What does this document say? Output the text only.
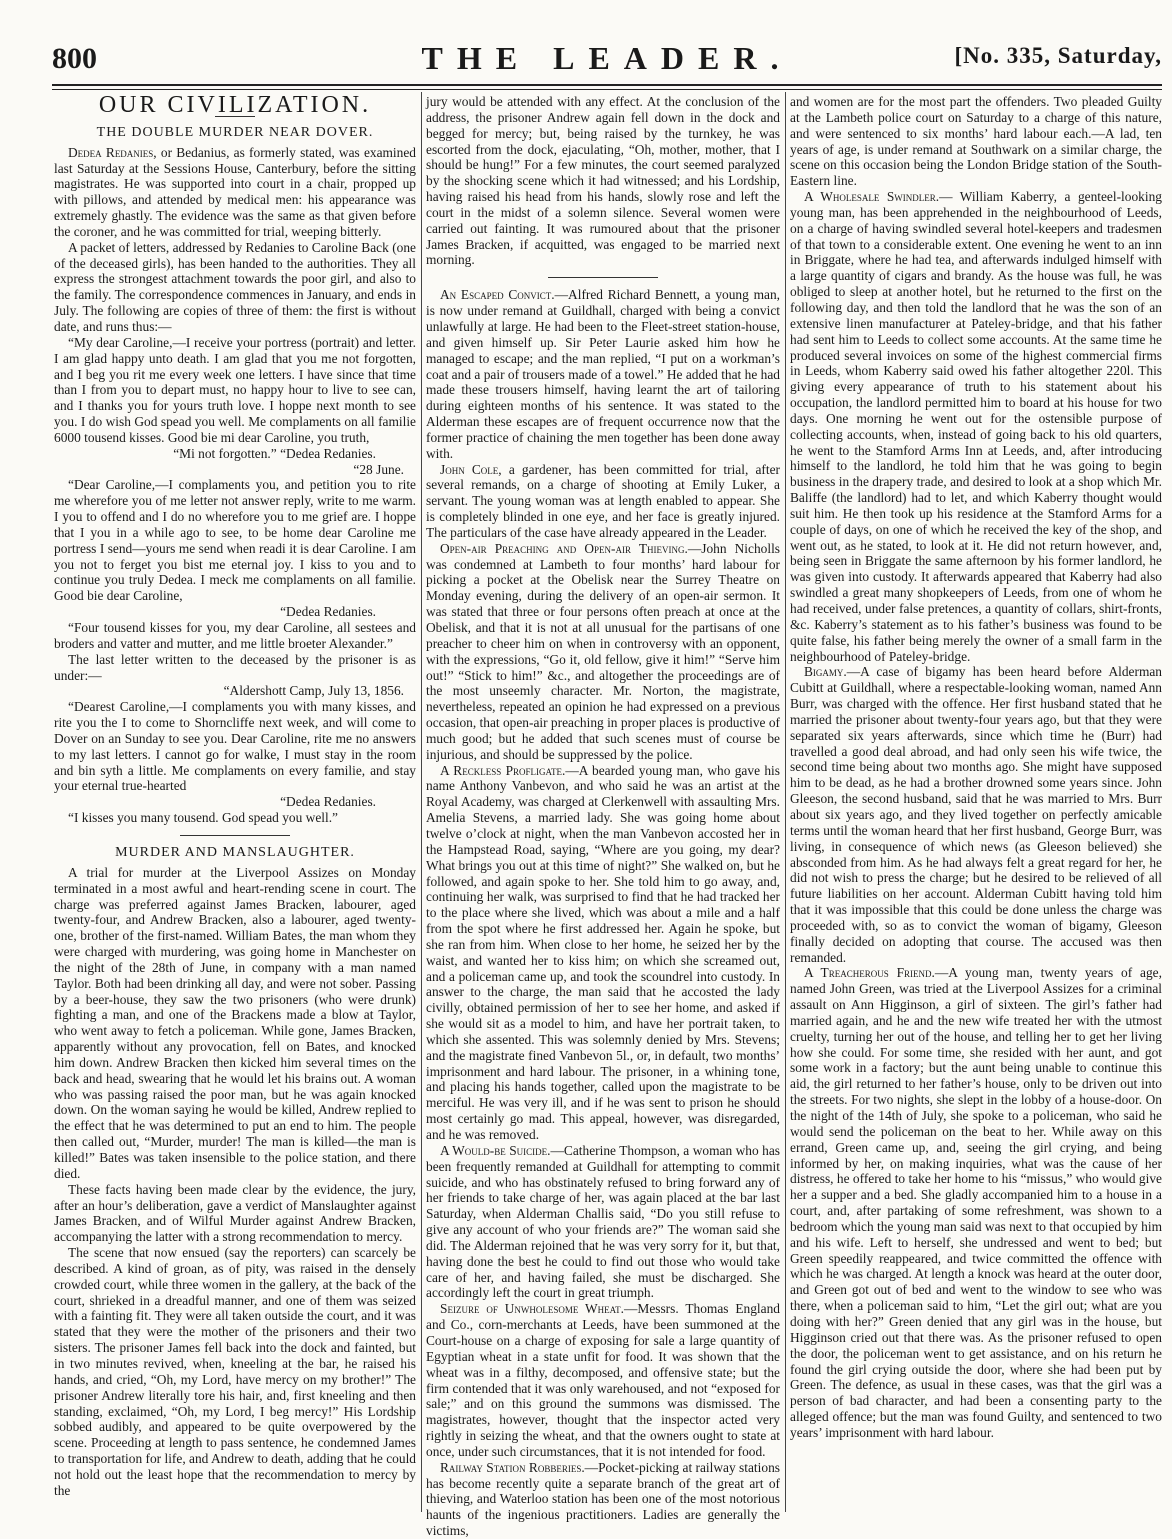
800	THE LEADER.	[No. 335, Saturday,
OUR CIVILIZATION.
THE DOUBLE MURDER NEAR DOVER.

Dedea Redanies, or Bedanius, as formerly stated, was examined last Saturday at the Sessions House, Canterbury, before the sitting magistrates. He was supported into court in a chair, propped up with pillows, and attended by medical men: his appearance was extremely ghastly. The evidence was the same as that given before the coroner, and he was committed for trial, weeping bitterly.

A packet of letters, addressed by Redanies to Caroline Back (one of the deceased girls), has been handed to the authorities. They all express the strongest attachment towards the poor girl, and also to the family. The correspondence commences in January, and ends in July. The following are copies of three of them: the first is without date, and runs thus:—

“My dear Caroline,—I receive your portress (portrait) and letter. I am glad happy unto death. I am glad that you me not forgotten, and I beg you rit me every week one letters. I have since that time than I from you to depart must, no happy hour to live to see can, and I thanks you for yours truth love. I hoppe next month to see you. I do wish God spead you well. Me complaments on all familie 6000 tousend kisses. Good bie mi dear Caroline, you truth,

“Mi not forgotten.” “Dedea Redanies.

“28 June.

“Dear Caroline,—I complaments you, and petition you to rite me wherefore you of me letter not answer reply, write to me warm. I you to offend and I do no wherefore you to me grief are. I hoppe that I you in a while ago to see, to be home dear Caroline me portress I send—yours me send when readi it is dear Caroline. I am you not to ferget you bist me eternal joy. I kiss to you and to continue you truly Dedea. I meck me complaments on all familie. Good bie dear Caroline,

“Dedea Redanies.

“Four tousend kisses for you, my dear Caroline, all sestees and broders and vatter and mutter, and me little broeter Alexander.”

The last letter written to the deceased by the prisoner is as under:—

“Aldershott Camp, July 13, 1856.

“Dearest Caroline,—I complaments you with many kisses, and rite you the I to come to Shorncliffe next week, and will come to Dover on an Sunday to see you. Dear Caroline, rite me no answers to my last letters. I cannot go for walke, I must stay in the room and bin syth a little. Me complaments on every familie, and stay your eternal true-hearted

“Dedea Redanies.

“I kisses you many tousend. God spead you well.”

MURDER AND MANSLAUGHTER.

A trial for murder at the Liverpool Assizes on Monday terminated in a most awful and heart-rending scene in court. The charge was preferred against James Bracken, labourer, aged twenty-four, and Andrew Bracken, also a labourer, aged twenty-one, brother of the first-named. William Bates, the man whom they were charged with murdering, was going home in Manchester on the night of the 28th of June, in company with a man named Taylor. Both had been drinking all day, and were not sober. Passing by a beer-house, they saw the two prisoners (who were drunk) fighting a man, and one of the Brackens made a blow at Taylor, who went away to fetch a policeman. While gone, James Bracken, apparently without any provocation, fell on Bates, and knocked him down. Andrew Bracken then kicked him several times on the back and head, swearing that he would let his brains out. A woman who was passing raised the poor man, but he was again knocked down. On the woman saying he would be killed, Andrew replied to the effect that he was determined to put an end to him. The people then called out, “Murder, murder! The man is killed—the man is killed!” Bates was taken insensible to the police station, and there died.

These facts having been made clear by the evidence, the jury, after an hour’s deliberation, gave a verdict of Manslaughter against James Bracken, and of Wilful Murder against Andrew Bracken, accompanying the latter with a strong recommendation to mercy.

The scene that now ensued (say the reporters) can scarcely be described. A kind of groan, as of pity, was raised in the densely crowded court, while three women in the gallery, at the back of the court, shrieked in a dreadful manner, and one of them was seized with a fainting fit. They were all taken outside the court, and it was stated that they were the mother of the prisoners and their two sisters. The prisoner James fell back into the dock and fainted, but in two minutes revived, when, kneeling at the bar, he raised his hands, and cried, “Oh, my Lord, have mercy on my brother!” The prisoner Andrew literally tore his hair, and, first kneeling and then standing, exclaimed, “Oh, my Lord, I beg mercy!” His Lordship sobbed audibly, and appeared to be quite overpowered by the scene. Proceeding at length to pass sentence, he condemned James to transportation for life, and Andrew to death, adding that he could not hold out the least hope that the recommendation to mercy by the

jury would be attended with any effect. At the conclusion of the address, the prisoner Andrew again fell down in the dock and begged for mercy; but, being raised by the turnkey, he was escorted from the dock, ejaculating, “Oh, mother, mother, that I should be hung!” For a few minutes, the court seemed paralyzed by the shocking scene which it had witnessed; and his Lordship, having raised his head from his hands, slowly rose and left the court in the midst of a solemn silence. Several women were carried out fainting. It was rumoured about that the prisoner James Bracken, if acquitted, was engaged to be married next morning.

An Escaped Convict.—Alfred Richard Bennett, a young man, is now under remand at Guildhall, charged with being a convict unlawfully at large. He had been to the Fleet-street station-house, and given himself up. Sir Peter Laurie asked him how he managed to escape; and the man replied, “I put on a workman’s coat and a pair of trousers made of a towel.” He added that he had made these trousers himself, having learnt the art of tailoring during eighteen months of his sentence. It was stated to the Alderman these escapes are of frequent occurrence now that the former practice of chaining the men together has been done away with.

John Cole, a gardener, has been committed for trial, after several remands, on a charge of shooting at Emily Luker, a servant. The young woman was at length enabled to appear. She is completely blinded in one eye, and her face is greatly injured. The particulars of the case have already appeared in the Leader.

Open-air Preaching and Open-air Thieving.—John Nicholls was condemned at Lambeth to four months’ hard labour for picking a pocket at the Obelisk near the Surrey Theatre on Monday evening, during the delivery of an open-air sermon. It was stated that three or four persons often preach at once at the Obelisk, and that it is not at all unusual for the partisans of one preacher to cheer him on when in controversy with an opponent, with the expressions, “Go it, old fellow, give it him!” “Serve him out!” “Stick to him!” &c., and altogether the proceedings are of the most unseemly character. Mr. Norton, the magistrate, nevertheless, repeated an opinion he had expressed on a previous occasion, that open-air preaching in proper places is productive of much good; but he added that such scenes must of course be injurious, and should be suppressed by the police.

A Reckless Profligate.—A bearded young man, who gave his name Anthony Vanbevon, and who said he was an artist at the Royal Academy, was charged at Clerkenwell with assaulting Mrs. Amelia Stevens, a married lady. She was going home about twelve o’clock at night, when the man Vanbevon accosted her in the Hampstead Road, saying, “Where are you going, my dear? What brings you out at this time of night?” She walked on, but he followed, and again spoke to her. She told him to go away, and, continuing her walk, was surprised to find that he had tracked her to the place where she lived, which was about a mile and a half from the spot where he first addressed her. Again he spoke, but she ran from him. When close to her home, he seized her by the waist, and wanted her to kiss him; on which she screamed out, and a policeman came up, and took the scoundrel into custody. In answer to the charge, the man said that he accosted the lady civilly, obtained permission of her to see her home, and asked if she would sit as a model to him, and have her portrait taken, to which she assented. This was solemnly denied by Mrs. Stevens; and the magistrate fined Vanbevon 5l., or, in default, two months’ imprisonment and hard labour. The prisoner, in a whining tone, and placing his hands together, called upon the magistrate to be merciful. He was very ill, and if he was sent to prison he should most certainly go mad. This appeal, however, was disregarded, and he was removed.

A Would-be Suicide.—Catherine Thompson, a woman who has been frequently remanded at Guildhall for attempting to commit suicide, and who has obstinately refused to bring forward any of her friends to take charge of her, was again placed at the bar last Saturday, when Alderman Challis said, “Do you still refuse to give any account of who your friends are?” The woman said she did. The Alderman rejoined that he was very sorry for it, but that, having done the best he could to find out those who would take care of her, and having failed, she must be discharged. She accordingly left the court in great triumph.

Seizure of Unwholesome Wheat.—Messrs. Thomas England and Co., corn-merchants at Leeds, have been summoned at the Court-house on a charge of exposing for sale a large quantity of Egyptian wheat in a state unfit for food. It was shown that the wheat was in a filthy, decomposed, and offensive state; but the firm contended that it was only warehoused, and not “exposed for sale;” and on this ground the summons was dismissed. The magistrates, however, thought that the inspector acted very rightly in seizing the wheat, and that the owners ought to state at once, under such circumstances, that it is not intended for food.

Railway Station Robberies.—Pocket-picking at railway stations has become recently quite a separate branch of the great art of thieving, and Waterloo station has been one of the most notorious haunts of the ingenious practitioners. Ladies are generally the victims,

and women are for the most part the offenders. Two pleaded Guilty at the Lambeth police court on Saturday to a charge of this nature, and were sentenced to six months’ hard labour each.—A lad, ten years of age, is under remand at Southwark on a similar charge, the scene on this occasion being the London Bridge station of the South-Eastern line.

A Wholesale Swindler.— William Kaberry, a genteel-looking young man, has been apprehended in the neighbourhood of Leeds, on a charge of having swindled several hotel-keepers and tradesmen of that town to a considerable extent. One evening he went to an inn in Briggate, where he had tea, and afterwards indulged himself with a large quantity of cigars and brandy. As the house was full, he was obliged to sleep at another hotel, but he returned to the first on the following day, and then told the landlord that he was the son of an extensive linen manufacturer at Pateley-bridge, and that his father had sent him to Leeds to collect some accounts. At the same time he produced several invoices on some of the highest commercial firms in Leeds, whom Kaberry said owed his father altogether 220l. This giving every appearance of truth to his statement about his occupation, the landlord permitted him to board at his house for two days. One morning he went out for the ostensible purpose of collecting accounts, when, instead of going back to his old quarters, he went to the Stamford Arms Inn at Leeds, and, after introducing himself to the landlord, he told him that he was going to begin business in the drapery trade, and desired to look at a shop which Mr. Baliffe (the landlord) had to let, and which Kaberry thought would suit him. He then took up his residence at the Stamford Arms for a couple of days, on one of which he received the key of the shop, and went out, as he stated, to look at it. He did not return however, and, being seen in Briggate the same afternoon by his former landlord, he was given into custody. It afterwards appeared that Kaberry had also swindled a great many shopkeepers of Leeds, from one of whom he had received, under false pretences, a quantity of collars, shirt-fronts, &c. Kaberry’s statement as to his father’s business was found to be quite false, his father being merely the owner of a small farm in the neighbourhood of Pateley-bridge.

Bigamy.—A case of bigamy has been heard before Alderman Cubitt at Guildhall, where a respectable-looking woman, named Ann Burr, was charged with the offence. Her first husband stated that he married the prisoner about twenty-four years ago, but that they were separated six years afterwards, since which time he (Burr) had travelled a good deal abroad, and had only seen his wife twice, the second time being about two months ago. She might have supposed him to be dead, as he had a brother drowned some years since. John Gleeson, the second husband, said that he was married to Mrs. Burr about six years ago, and they lived together on perfectly amicable terms until the woman heard that her first husband, George Burr, was living, in consequence of which news (as Gleeson believed) she absconded from him. As he had always felt a great regard for her, he did not wish to press the charge; but he desired to be relieved of all future liabilities on her account. Alderman Cubitt having told him that it was impossible that this could be done unless the charge was proceeded with, so as to convict the woman of bigamy, Gleeson finally decided on adopting that course. The accused was then remanded.

A Treacherous Friend.—A young man, twenty years of age, named John Green, was tried at the Liverpool Assizes for a criminal assault on Ann Higginson, a girl of sixteen. The girl’s father had married again, and he and the new wife treated her with the utmost cruelty, turning her out of the house, and telling her to get her living how she could. For some time, she resided with her aunt, and got some work in a factory; but the aunt being unable to continue this aid, the girl returned to her father’s house, only to be driven out into the streets. For two nights, she slept in the lobby of a house-door. On the night of the 14th of July, she spoke to a policeman, who said he would send the policeman on the beat to her. While away on this errand, Green came up, and, seeing the girl crying, and being informed by her, on making inquiries, what was the cause of her distress, he offered to take her home to his “missus,” who would give her a supper and a bed. She gladly accompanied him to a house in a court, and, after partaking of some refreshment, was shown to a bedroom which the young man said was next to that occupied by him and his wife. Left to herself, she undressed and went to bed; but Green speedily reappeared, and twice committed the offence with which he was charged. At length a knock was heard at the outer door, and Green got out of bed and went to the window to see who was there, when a policeman said to him, “Let the girl out; what are you doing with her?” Green denied that any girl was in the house, but Higginson cried out that there was. As the prisoner refused to open the door, the policeman went to get assistance, and on his return he found the girl crying outside the door, where she had been put by Green. The defence, as usual in these cases, was that the girl was a person of bad character, and had been a consenting party to the alleged offence; but the man was found Guilty, and sentenced to two years’ imprisonment with hard labour.
